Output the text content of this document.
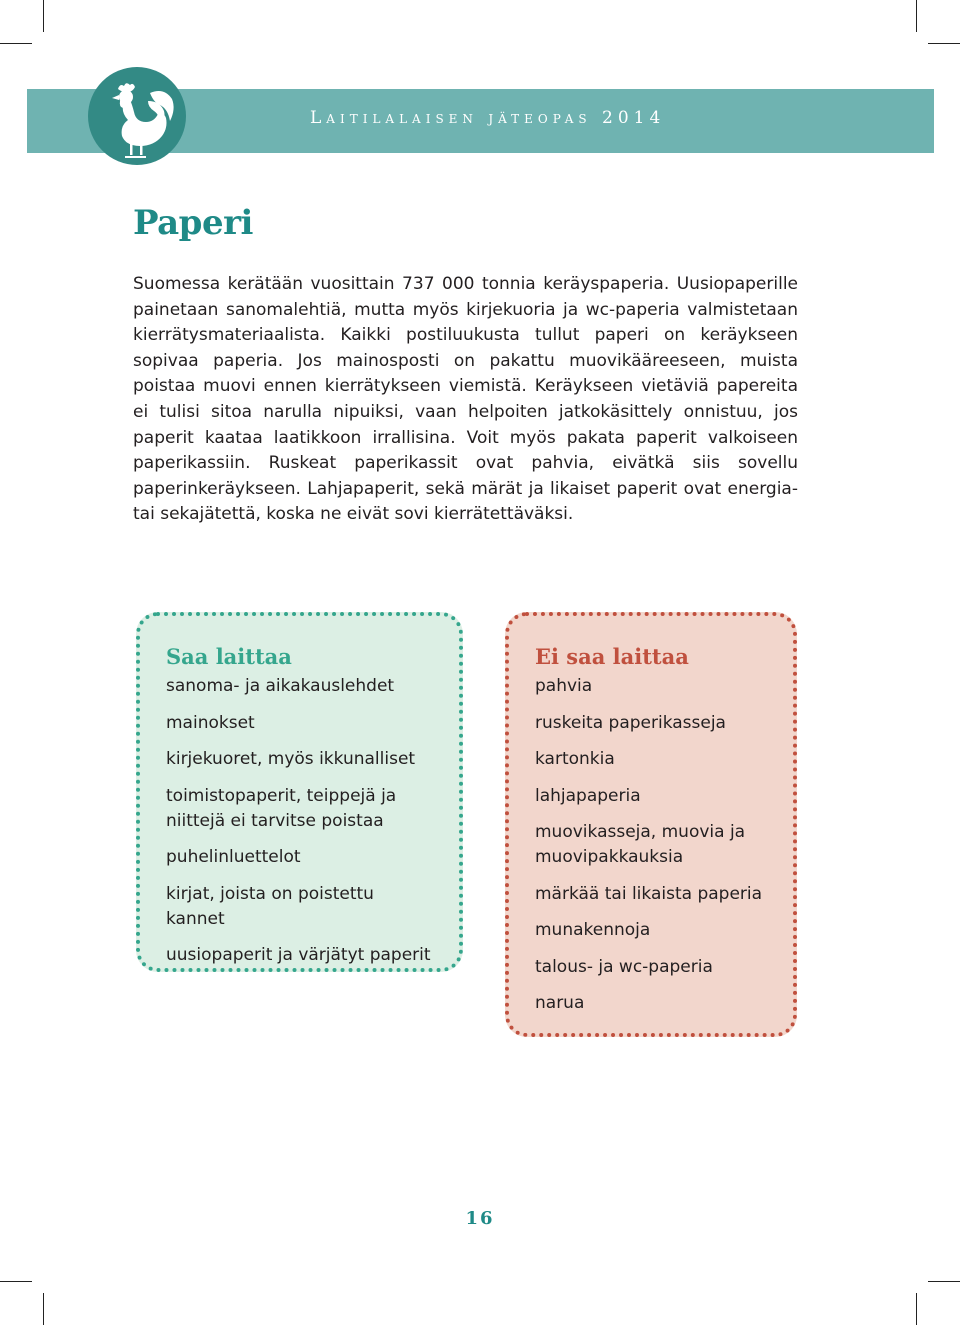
Laitilalaisen jäteopas 2014
Paperi
Suomessa kerätään vuosittain 737 000 tonnia keräyspaperia. Uusiopaperille painetaan sanomalehtiä, mutta myös kirjekuoria ja wc-paperia valmistetaan kierrätysmateriaalista. Kaikki postiluukusta tullut paperi on keräykseen sopivaa paperia. Jos mainosposti on pakattu muovikääreeseen, muista poistaa muovi ennen kierrätykseen viemistä. Keräykseen vietäviä papereita ei tulisi sitoa narulla nipuiksi, vaan helpoiten jatkokäsittely onnistuu, jos paperit kaataa laatikkoon irrallisina. Voit myös pakata paperit valkoiseen paperikassiin. Ruskeat paperikassit ovat pahvia, eivätkä siis sovellu paperinkeräykseen. Lahjapaperit, sekä märät ja likaiset paperit ovat energia- tai sekajätettä, koska ne eivät sovi kierrätettäväksi.
Saa laittaa
sanoma- ja aikakauslehdet
mainokset
kirjekuoret, myös ikkunalliset
toimistopaperit, teippejä ja niittejä ei tarvitse poistaa
puhelinluettelot
kirjat, joista on poistettu kannet
uusiopaperit ja värjätyt paperit
Ei saa laittaa
pahvia
ruskeita paperikasseja
kartonkia
lahjapaperia
muovikasseja, muovia ja muovipakkauksia
märkää tai likaista paperia
munakennoja
talous- ja wc-paperia
narua
16
